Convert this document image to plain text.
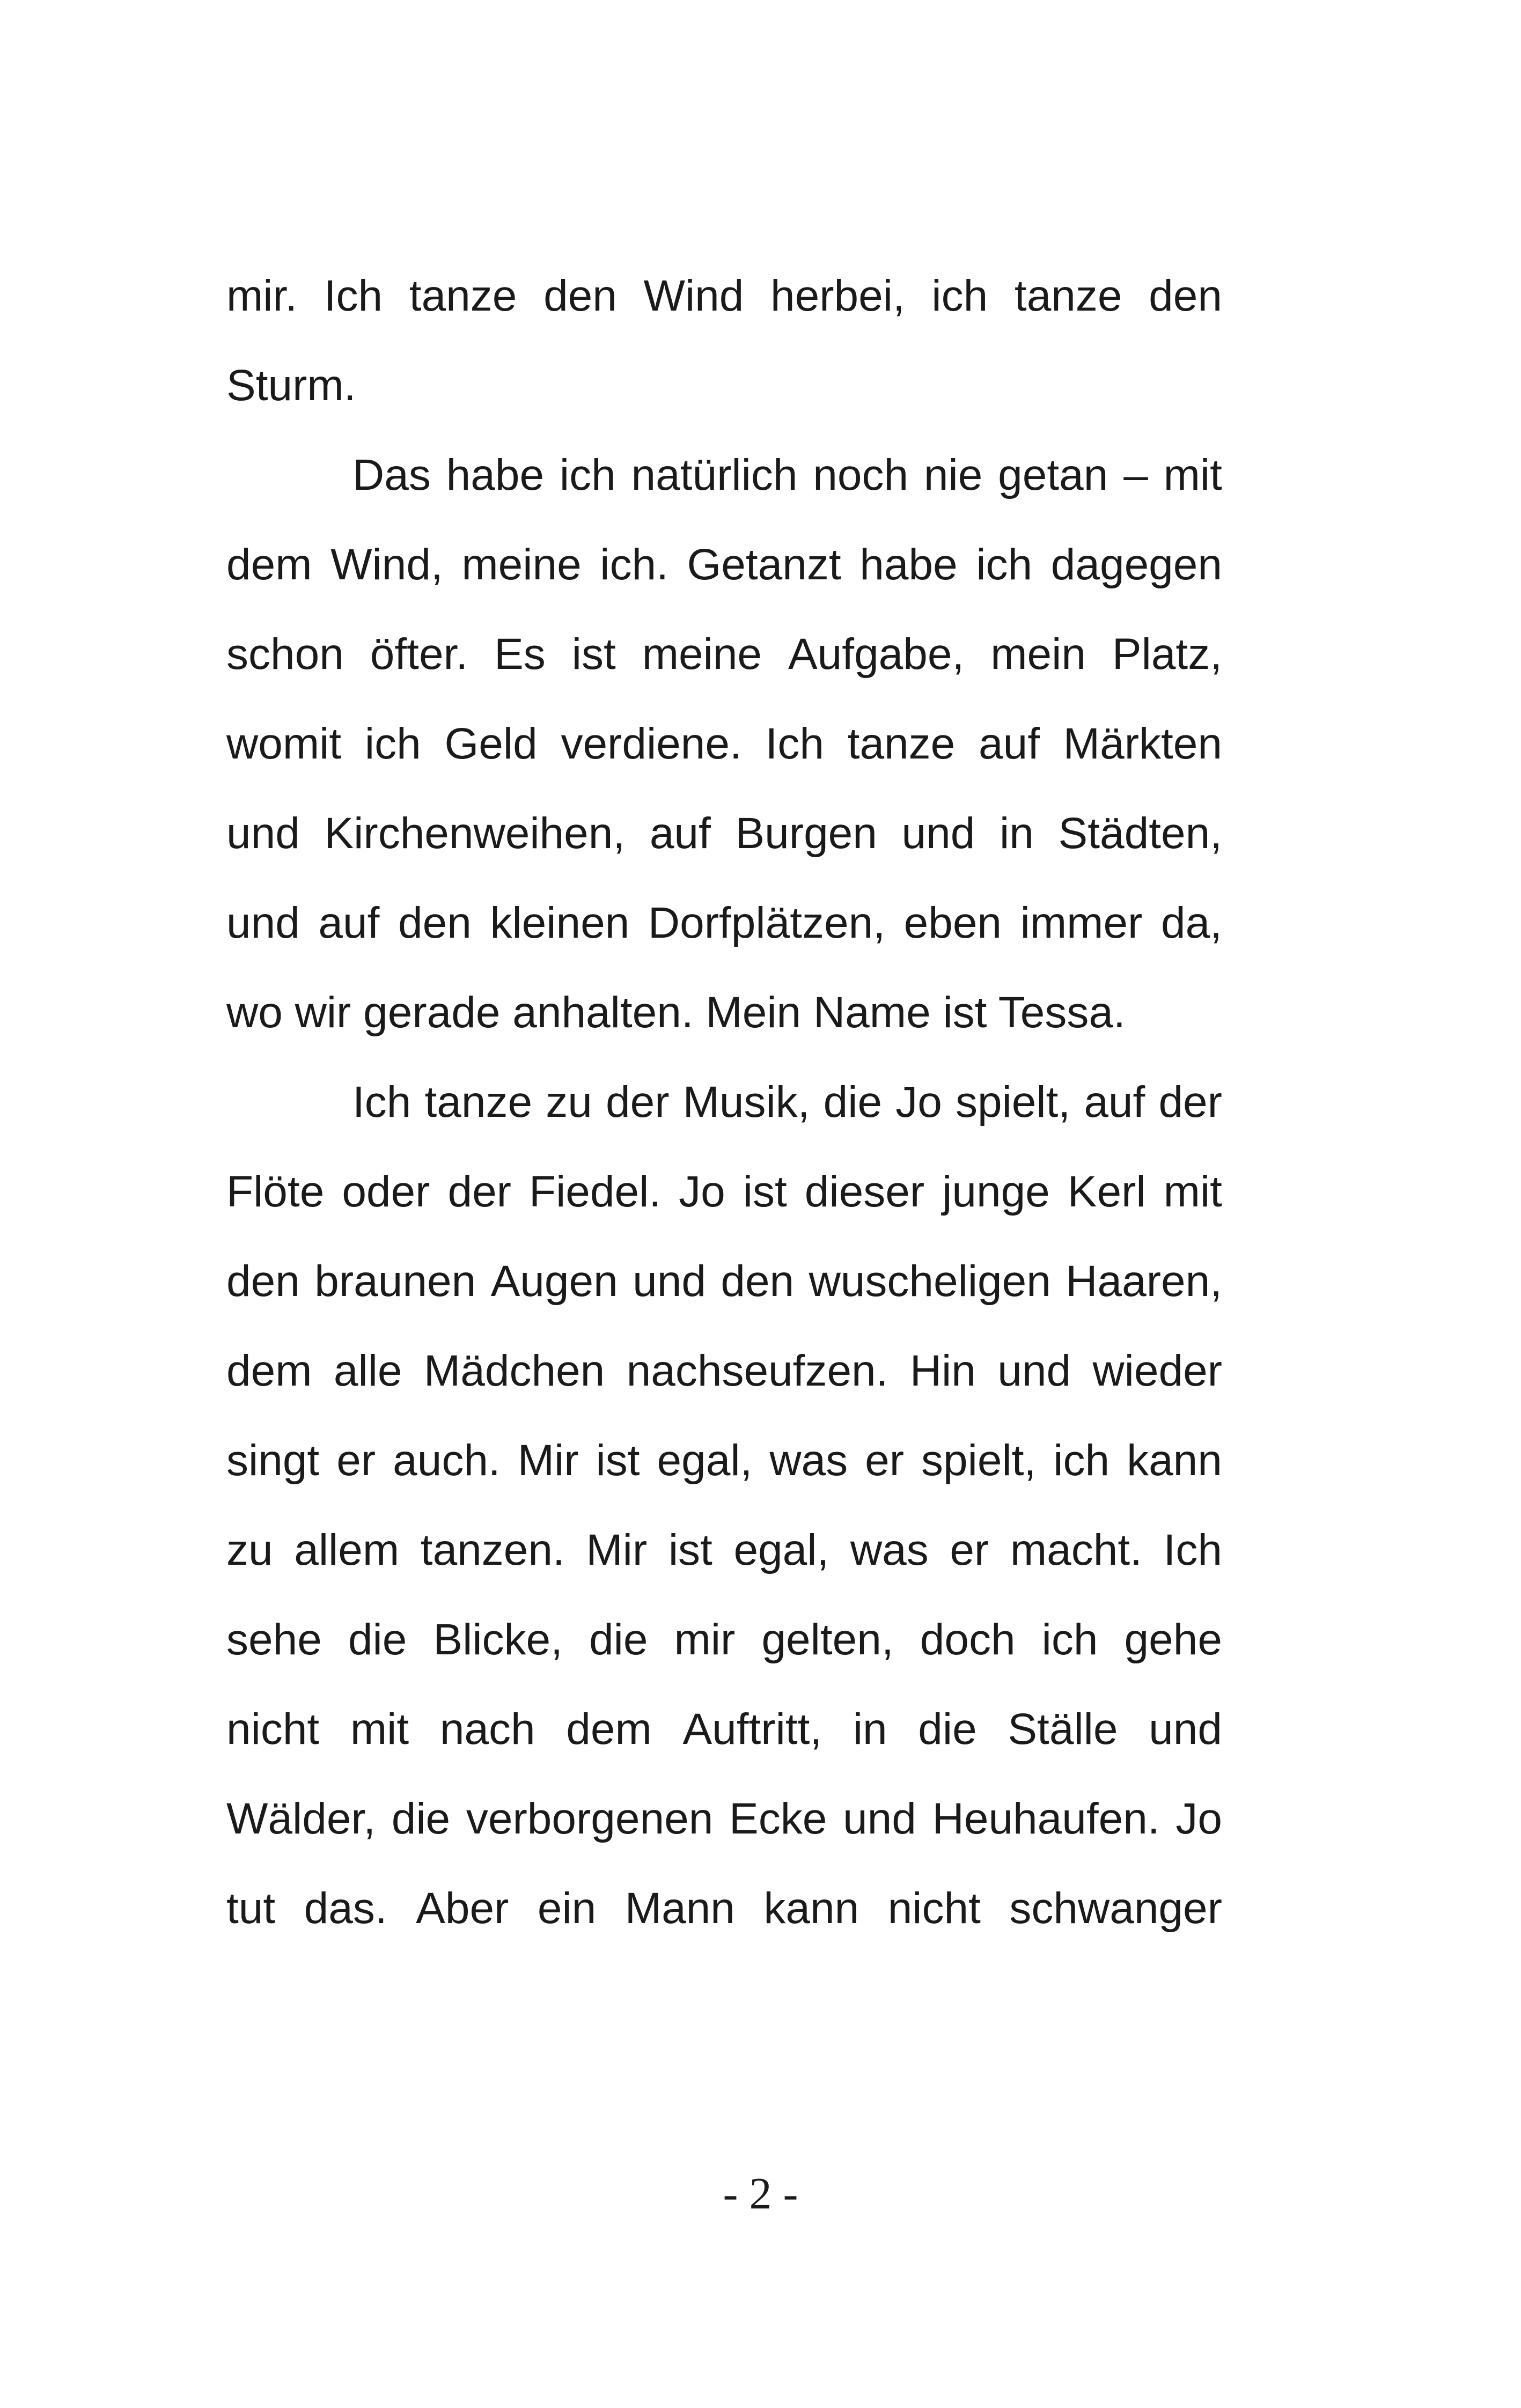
mir. Ich tanze den Wind herbei, ich tanze den
Sturm.
Das habe ich natürlich noch nie getan – mit
dem Wind, meine ich. Getanzt habe ich dagegen
schon öfter. Es ist meine Aufgabe, mein Platz,
womit ich Geld verdiene. Ich tanze auf Märkten
und Kirchenweihen, auf Burgen und in Städten,
und auf den kleinen Dorfplätzen, eben immer da,
wo wir gerade anhalten. Mein Name ist Tessa.
Ich tanze zu der Musik, die Jo spielt, auf der
Flöte oder der Fiedel. Jo ist dieser junge Kerl mit
den braunen Augen und den wuscheligen Haaren,
dem alle Mädchen nachseufzen. Hin und wieder
singt er auch. Mir ist egal, was er spielt, ich kann
zu allem tanzen. Mir ist egal, was er macht. Ich
sehe die Blicke, die mir gelten, doch ich gehe
nicht mit nach dem Auftritt, in die Ställe und
Wälder, die verborgenen Ecke und Heuhaufen. Jo
tut das. Aber ein Mann kann nicht schwanger
- 2 -
